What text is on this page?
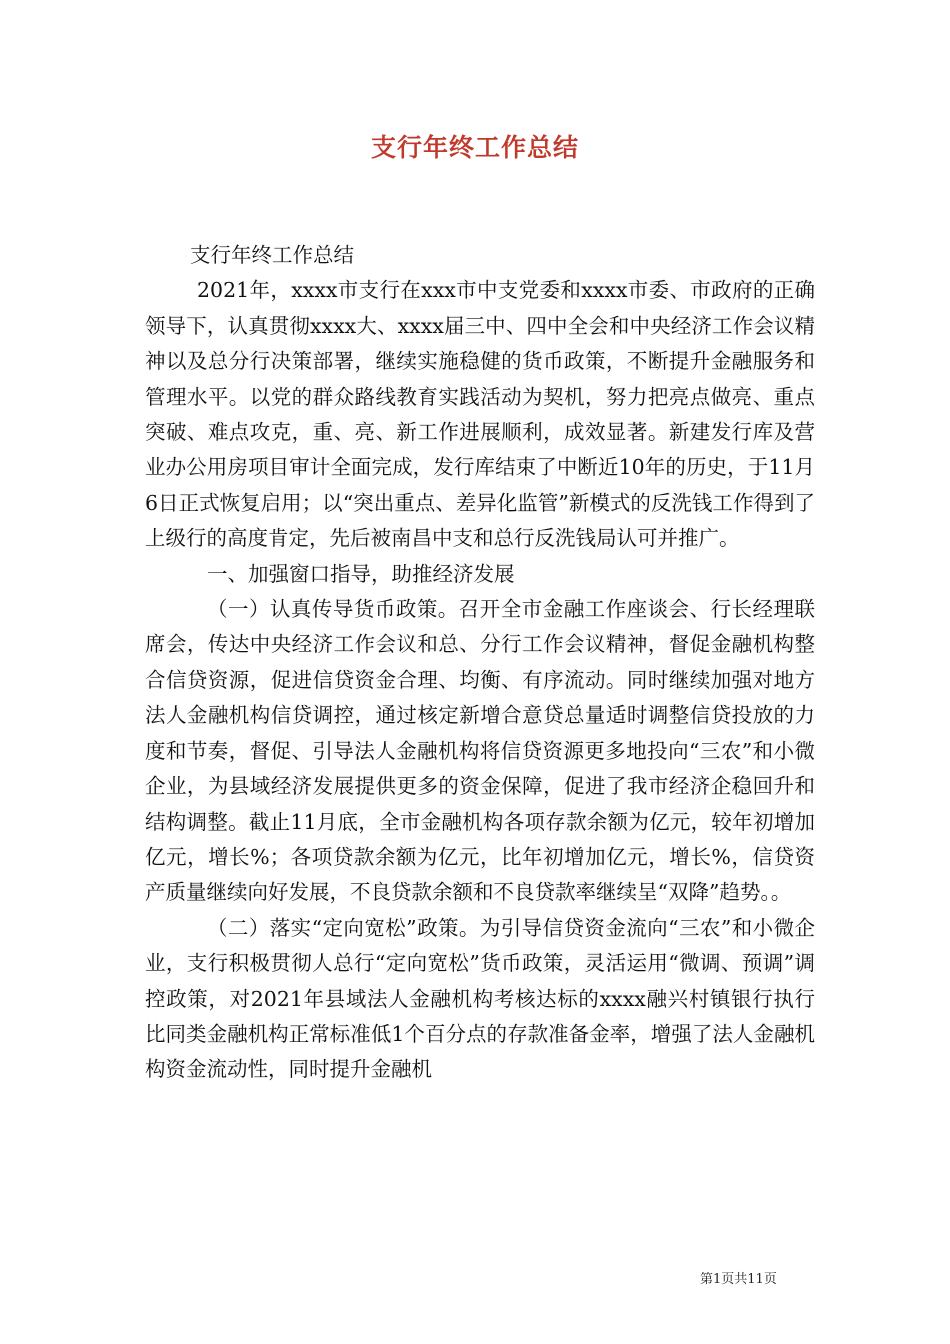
支行年终工作总结

支行年终工作总结

2021年，xxxx市支行在xxx市中支党委和xxxx市委、市政府的正确领导下，认真贯彻xxxx大、xxxx届三中、四中全会和中央经济工作会议精神以及总分行决策部署，继续实施稳健的货币政策，不断提升金融服务和管理水平。以党的群众路线教育实践活动为契机，努力把亮点做亮、重点突破、难点攻克，重、亮、新工作进展顺利，成效显著。新建发行库及营业办公用房项目审计全面完成，发行库结束了中断近10年的历史，于11月6日正式恢复启用；以“突出重点、差异化监管”新模式的反洗钱工作得到了上级行的高度肯定，先后被南昌中支和总行反洗钱局认可并推广。

一、加强窗口指导，助推经济发展

（一）认真传导货币政策。召开全市金融工作座谈会、行长经理联席会，传达中央经济工作会议和总、分行工作会议精神，督促金融机构整合信贷资源，促进信贷资金合理、均衡、有序流动。同时继续加强对地方法人金融机构信贷调控，通过核定新增合意贷总量适时调整信贷投放的力度和节奏，督促、引导法人金融机构将信贷资源更多地投向“三农”和小微企业，为县域经济发展提供更多的资金保障，促进了我市经济企稳回升和结构调整。截止11月底，全市金融机构各项存款余额为亿元，较年初增加亿元，增长%；各项贷款余额为亿元，比年初增加亿元，增长%，信贷资产质量继续向好发展，不良贷款余额和不良贷款率继续呈“双降”趋势。。

（二）落实“定向宽松”政策。为引导信贷资金流向“三农”和小微企业，支行积极贯彻人总行“定向宽松”货币政策，灵活运用“微调、预调”调控政策，对2021年县域法人金融机构考核达标的xxxx融兴村镇银行执行比同类金融机构正常标准低1个百分点的存款准备金率，增强了法人金融机构资金流动性，同时提升金融机

第1页共11页
